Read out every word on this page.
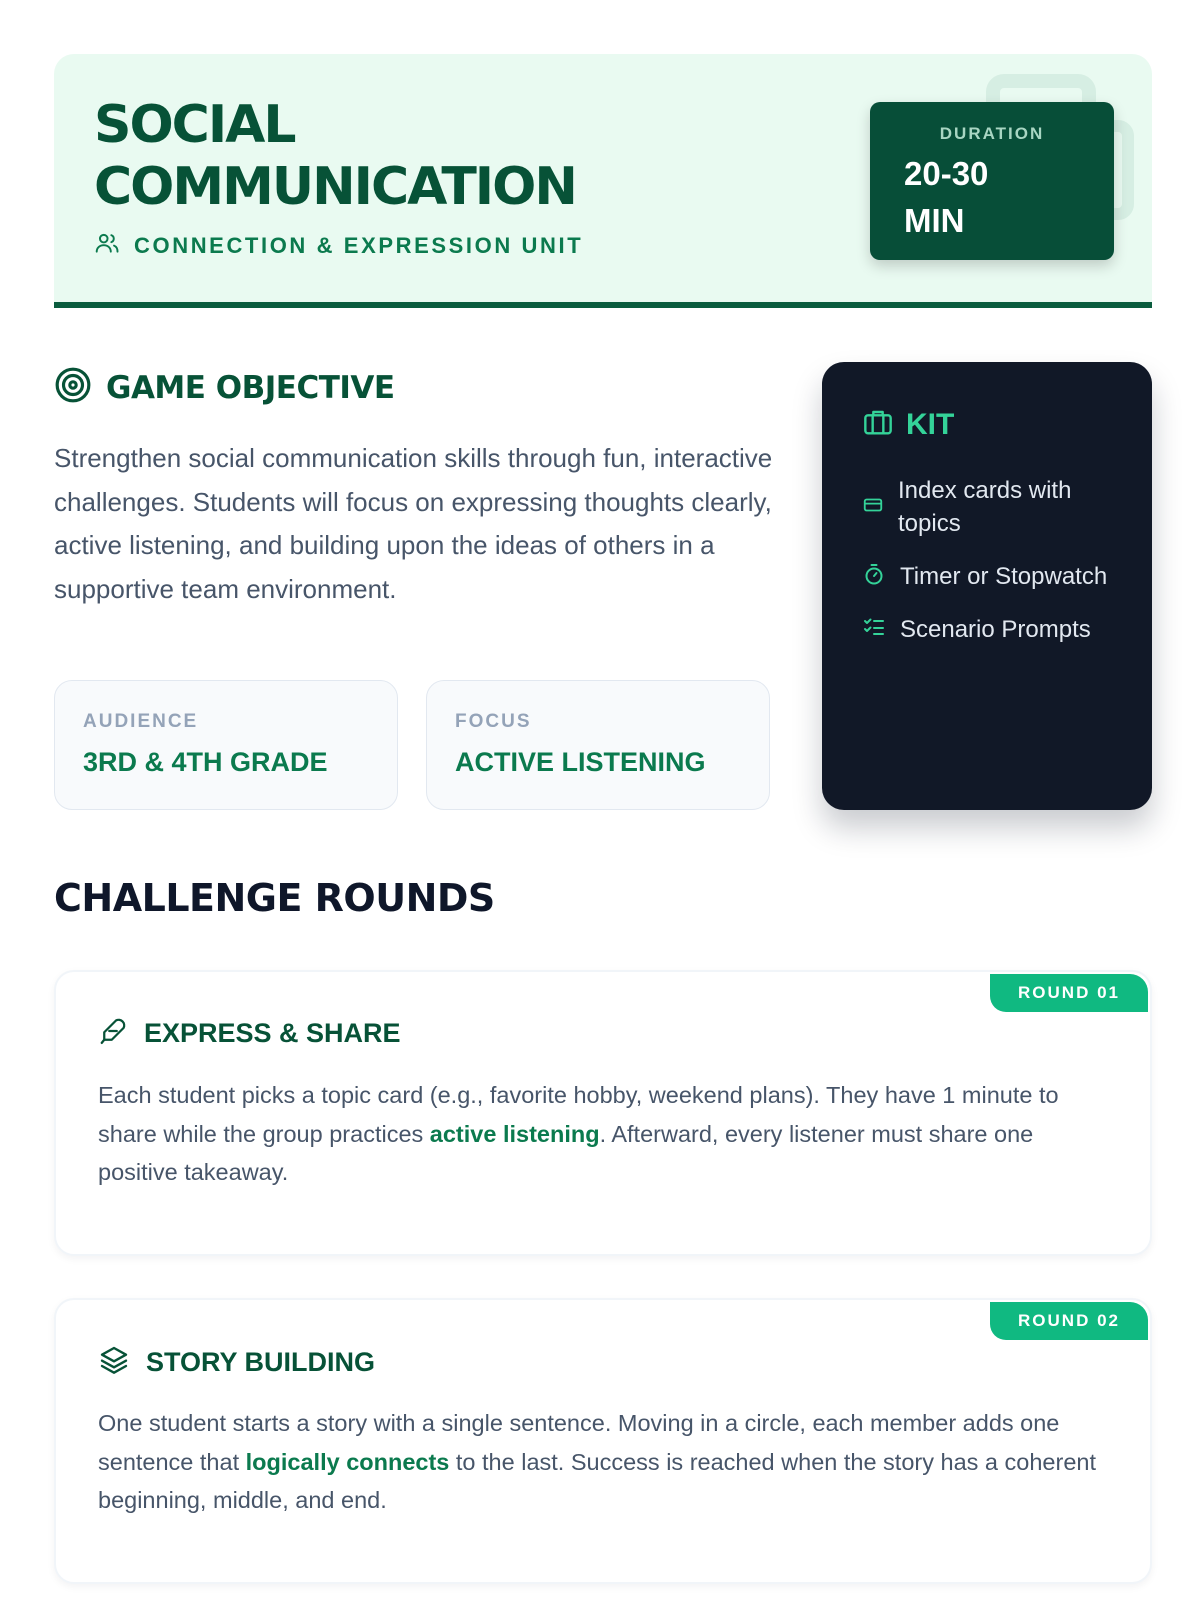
SOCIAL
COMMUNICATION
CONNECTION & EXPRESSION UNIT
DURATION
20-30
MIN
GAME OBJECTIVE

Strengthen social communication skills through fun, interactive challenges. Students will focus on expressing thoughts clearly, active listening, and building upon the ideas of others in a supportive team environment.

AUDIENCE
3RD & 4TH GRADE
FOCUS
ACTIVE LISTENING
KIT
Index cards with topics
Timer or Stopwatch
Scenario Prompts
CHALLENGE ROUNDS
ROUND 01
EXPRESS & SHARE

Each student picks a topic card (e.g., favorite hobby, weekend plans). They have 1 minute to share while the group practices active listening. Afterward, every listener must share one positive takeaway.

ROUND 02
STORY BUILDING

One student starts a story with a single sentence. Moving in a circle, each member adds one sentence that logically connects to the last. Success is reached when the story has a coherent beginning, middle, and end.
